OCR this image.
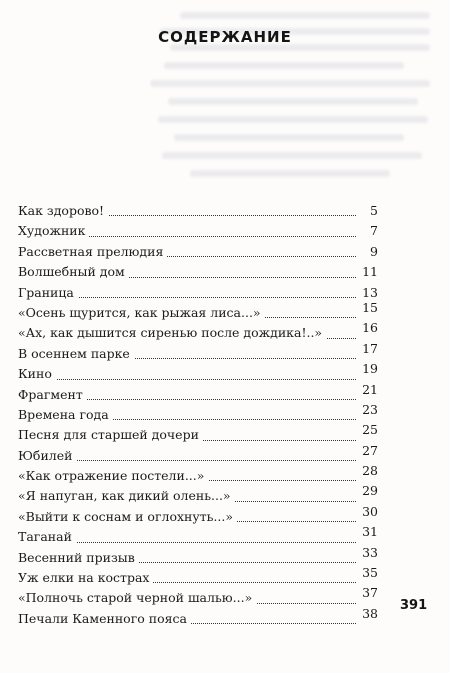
СОДЕРЖАНИЕ
Как здорово!	5
Художник	7
Рассветная прелюдия	9
Волшебный дом	11
Граница	13
«Осень щурится, как рыжая лиса...»	15
«Ах, как дышится сиренью после дождика!..»	16
В осеннем парке	17
Кино	19
Фрагмент	21
Времена года	23
Песня для старшей дочери	25
Юбилей	27
«Как отражение постели...»	28
«Я напуган, как дикий олень...»	29
«Выйти к соснам и оглохнуть...»	30
Таганай	31
Весенний призыв	33
Уж елки на кострах	35
«Полночь старой черной шалью...»	37
Печали Каменного пояса	38
391
